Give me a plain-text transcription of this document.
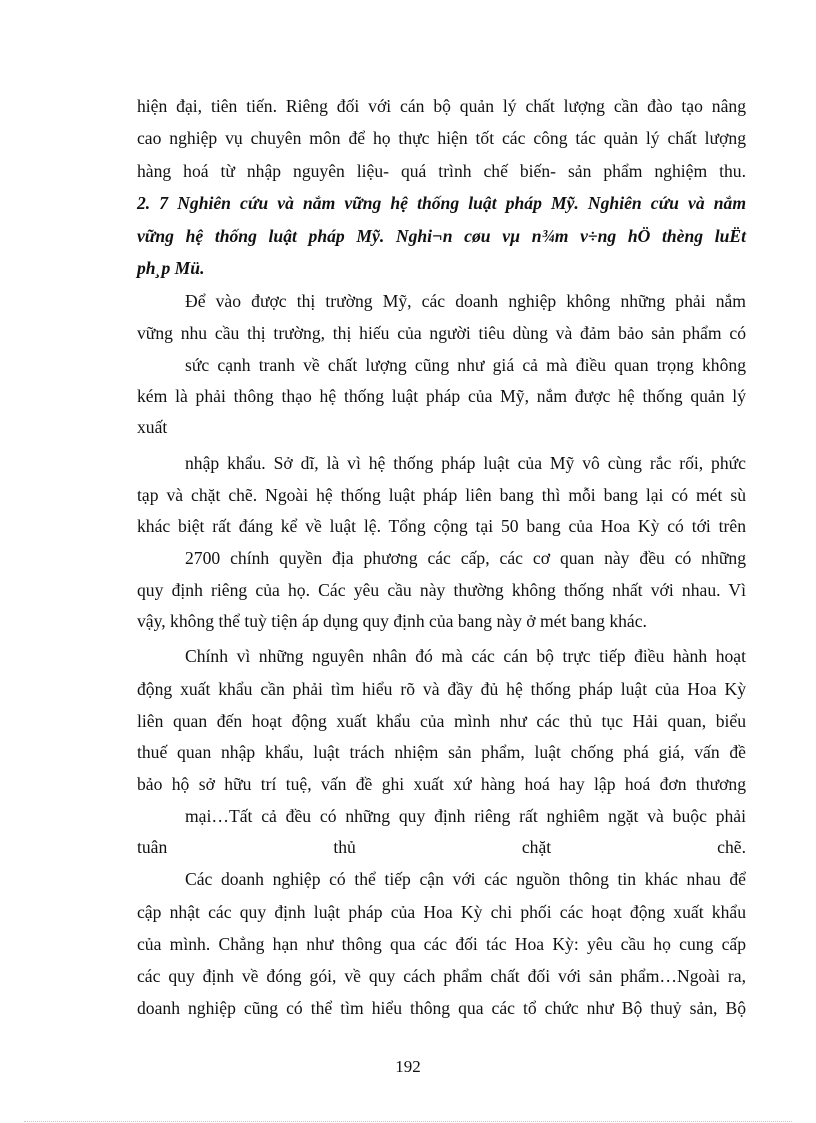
hiện đại, tiên tiến. Riêng đối với cán bộ quản lý chất lượng cần đào tạo nâng
cao nghiệp vụ chuyên môn để họ thực hiện tốt các công tác quản lý chất lượng
hàng hoá từ nhập nguyên liệu- quá trình chế biến- sản phẩm nghiệm thu.
2. 7 Nghiên cứu và nắm vững hệ thống luật pháp Mỹ. Nghiên cứu và nắm
vững hệ thống luật pháp Mỹ. Nghi¬n cøu vµ n¾m v÷ng hÖ thèng luËt
ph¸p Mü.
Để vào được thị trường Mỹ, các doanh nghiệp không những phải nắm
vững nhu cầu thị trường, thị hiếu của người tiêu dùng và đảm bảo sản phẩm có
sức cạnh tranh về chất lượng cũng như giá cả mà điều quan trọng không
kém là phải thông thạo hệ thống luật pháp của Mỹ, nắm được hệ thống quản lý
xuất
nhập khẩu. Sở dĩ, là vì hệ thống pháp luật của Mỹ vô cùng rắc rối, phức
tạp và chặt chẽ. Ngoài hệ thống luật pháp liên bang thì mỗi bang lại có mét sù
khác biệt rất đáng kể về luật lệ. Tổng cộng tại 50 bang của Hoa Kỳ có tới trên
2700 chính quyền địa phương các cấp, các cơ quan này đều có những
quy định riêng của họ. Các yêu cầu này thường không thống nhất với nhau. Vì
vậy, không thể tuỳ tiện áp dụng quy định của bang này ở mét bang khác.
Chính vì những nguyên nhân đó mà các cán bộ trực tiếp điều hành hoạt
động xuất khẩu cần phải tìm hiểu rõ và đầy đủ hệ thống pháp luật của Hoa Kỳ
liên quan đến hoạt động xuất khẩu của mình như các thủ tục Hải quan, biểu
thuế quan nhập khẩu, luật trách nhiệm sản phẩm, luật chống phá giá, vấn đề
bảo hộ sở hữu trí tuệ, vấn đề ghi xuất xứ hàng hoá hay lập hoá đơn thương
mại…Tất cả đều có những quy định riêng rất nghiêm ngặt và buộc phải
tuân thủ chặt chẽ.
Các doanh nghiệp có thể tiếp cận với các nguồn thông tin khác nhau để
cập nhật các quy định luật pháp của Hoa Kỳ chi phối các hoạt động xuất khẩu
của mình. Chẳng hạn như thông qua các đối tác Hoa Kỳ: yêu cầu họ cung cấp
các quy định về đóng gói, về quy cách phẩm chất đối với sản phẩm…Ngoài ra,
doanh nghiệp cũng có thể tìm hiểu thông qua các tổ chức như Bộ thuỷ sản, Bộ
192
